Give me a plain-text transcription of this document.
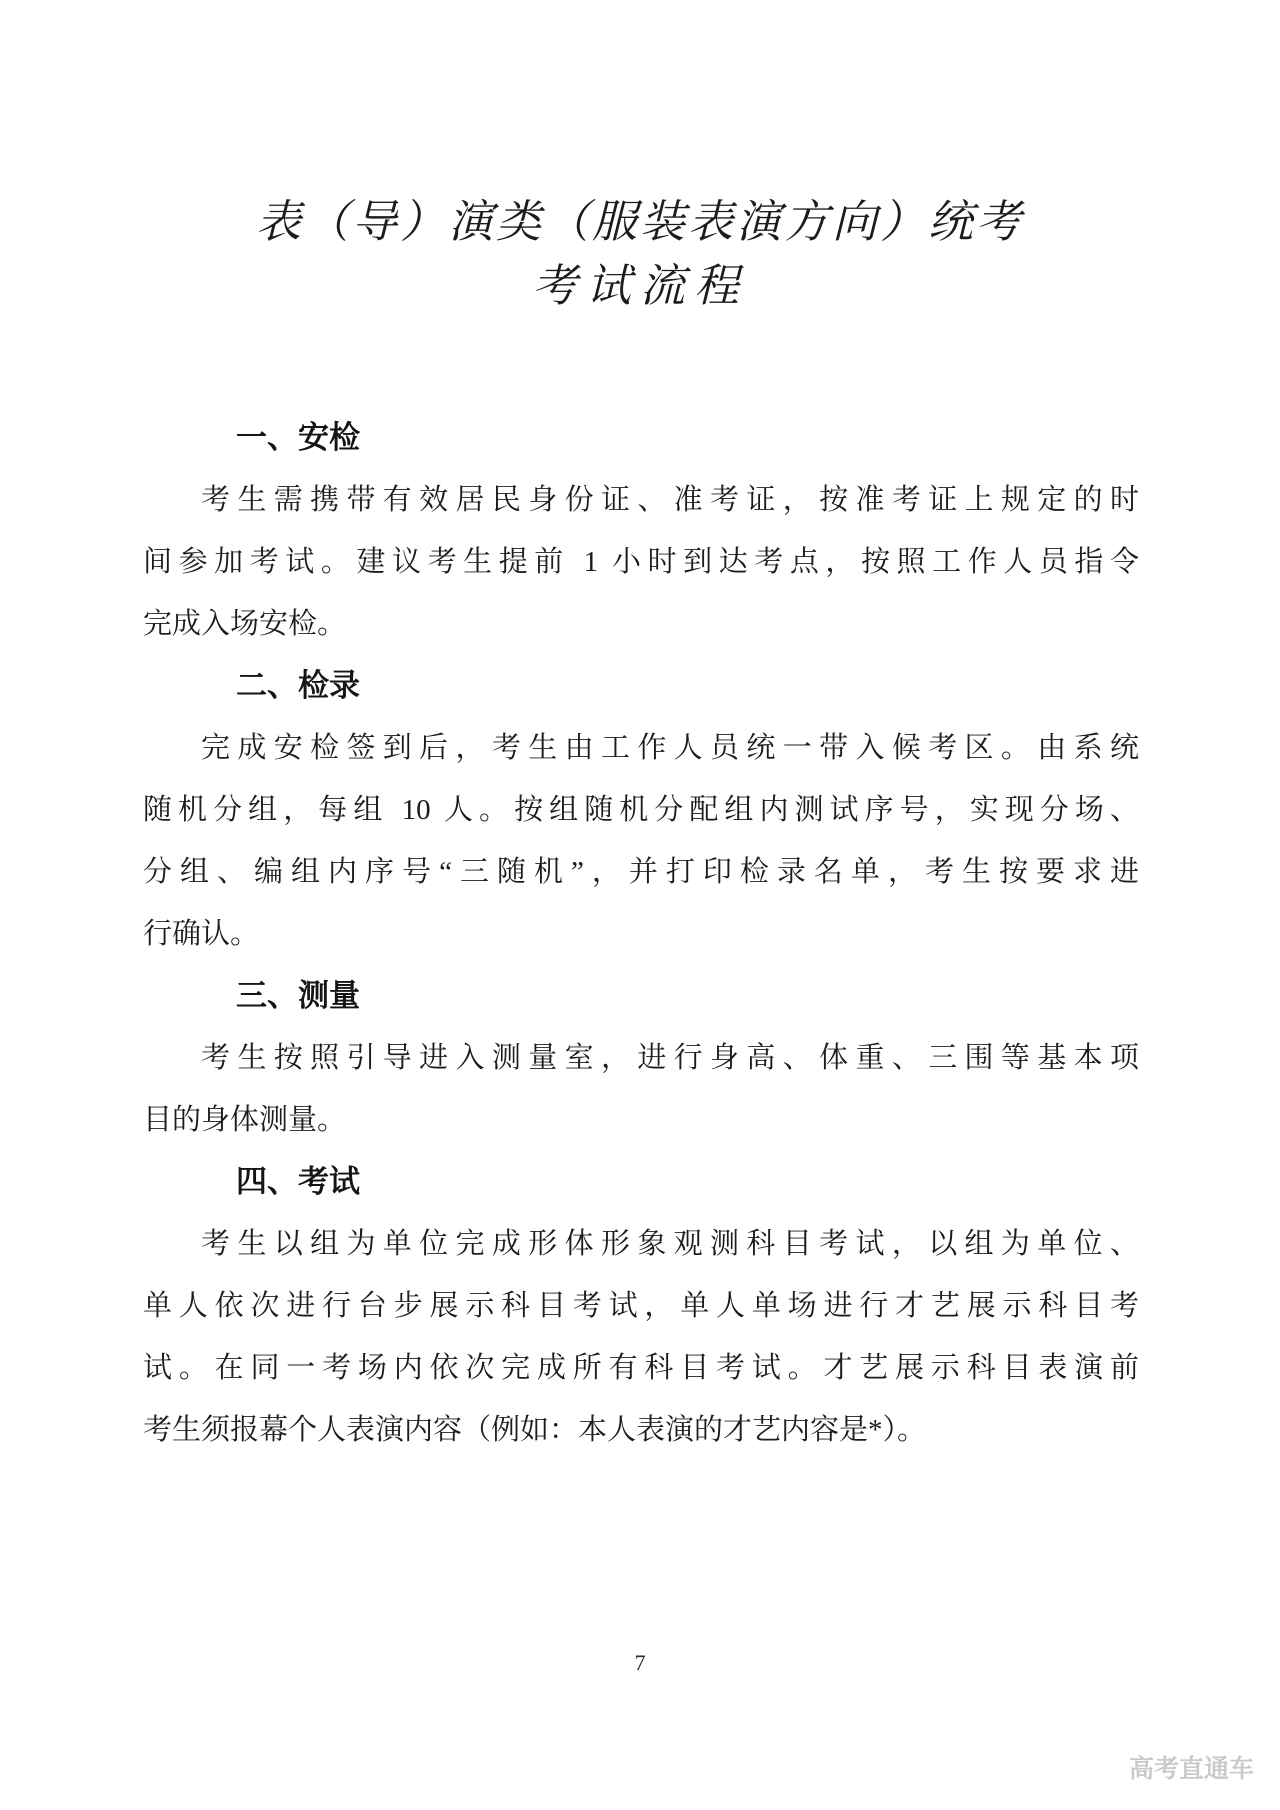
表（导）演类（服装表演方向）统考
考试流程
一、安检
考生需携带有效居民身份证、准考证，按准考证上规定的时
间参加考试。建议考生提前 1 小时到达考点，按照工作人员指令
完成入场安检。
二、检录
完成安检签到后，考生由工作人员统一带入候考区。由系统
随机分组，每组 10 人。按组随机分配组内测试序号，实现分场、
分组、编组内序号“三随机”，并打印检录名单，考生按要求进
行确认。
三、测量
考生按照引导进入测量室，进行身高、体重、三围等基本项
目的身体测量。
四、考试
考生以组为单位完成形体形象观测科目考试，以组为单位、
单人依次进行台步展示科目考试，单人单场进行才艺展示科目考
试。在同一考场内依次完成所有科目考试。才艺展示科目表演前
考生须报幕个人表演内容（例如：本人表演的才艺内容是*）。
7
高考直通车
